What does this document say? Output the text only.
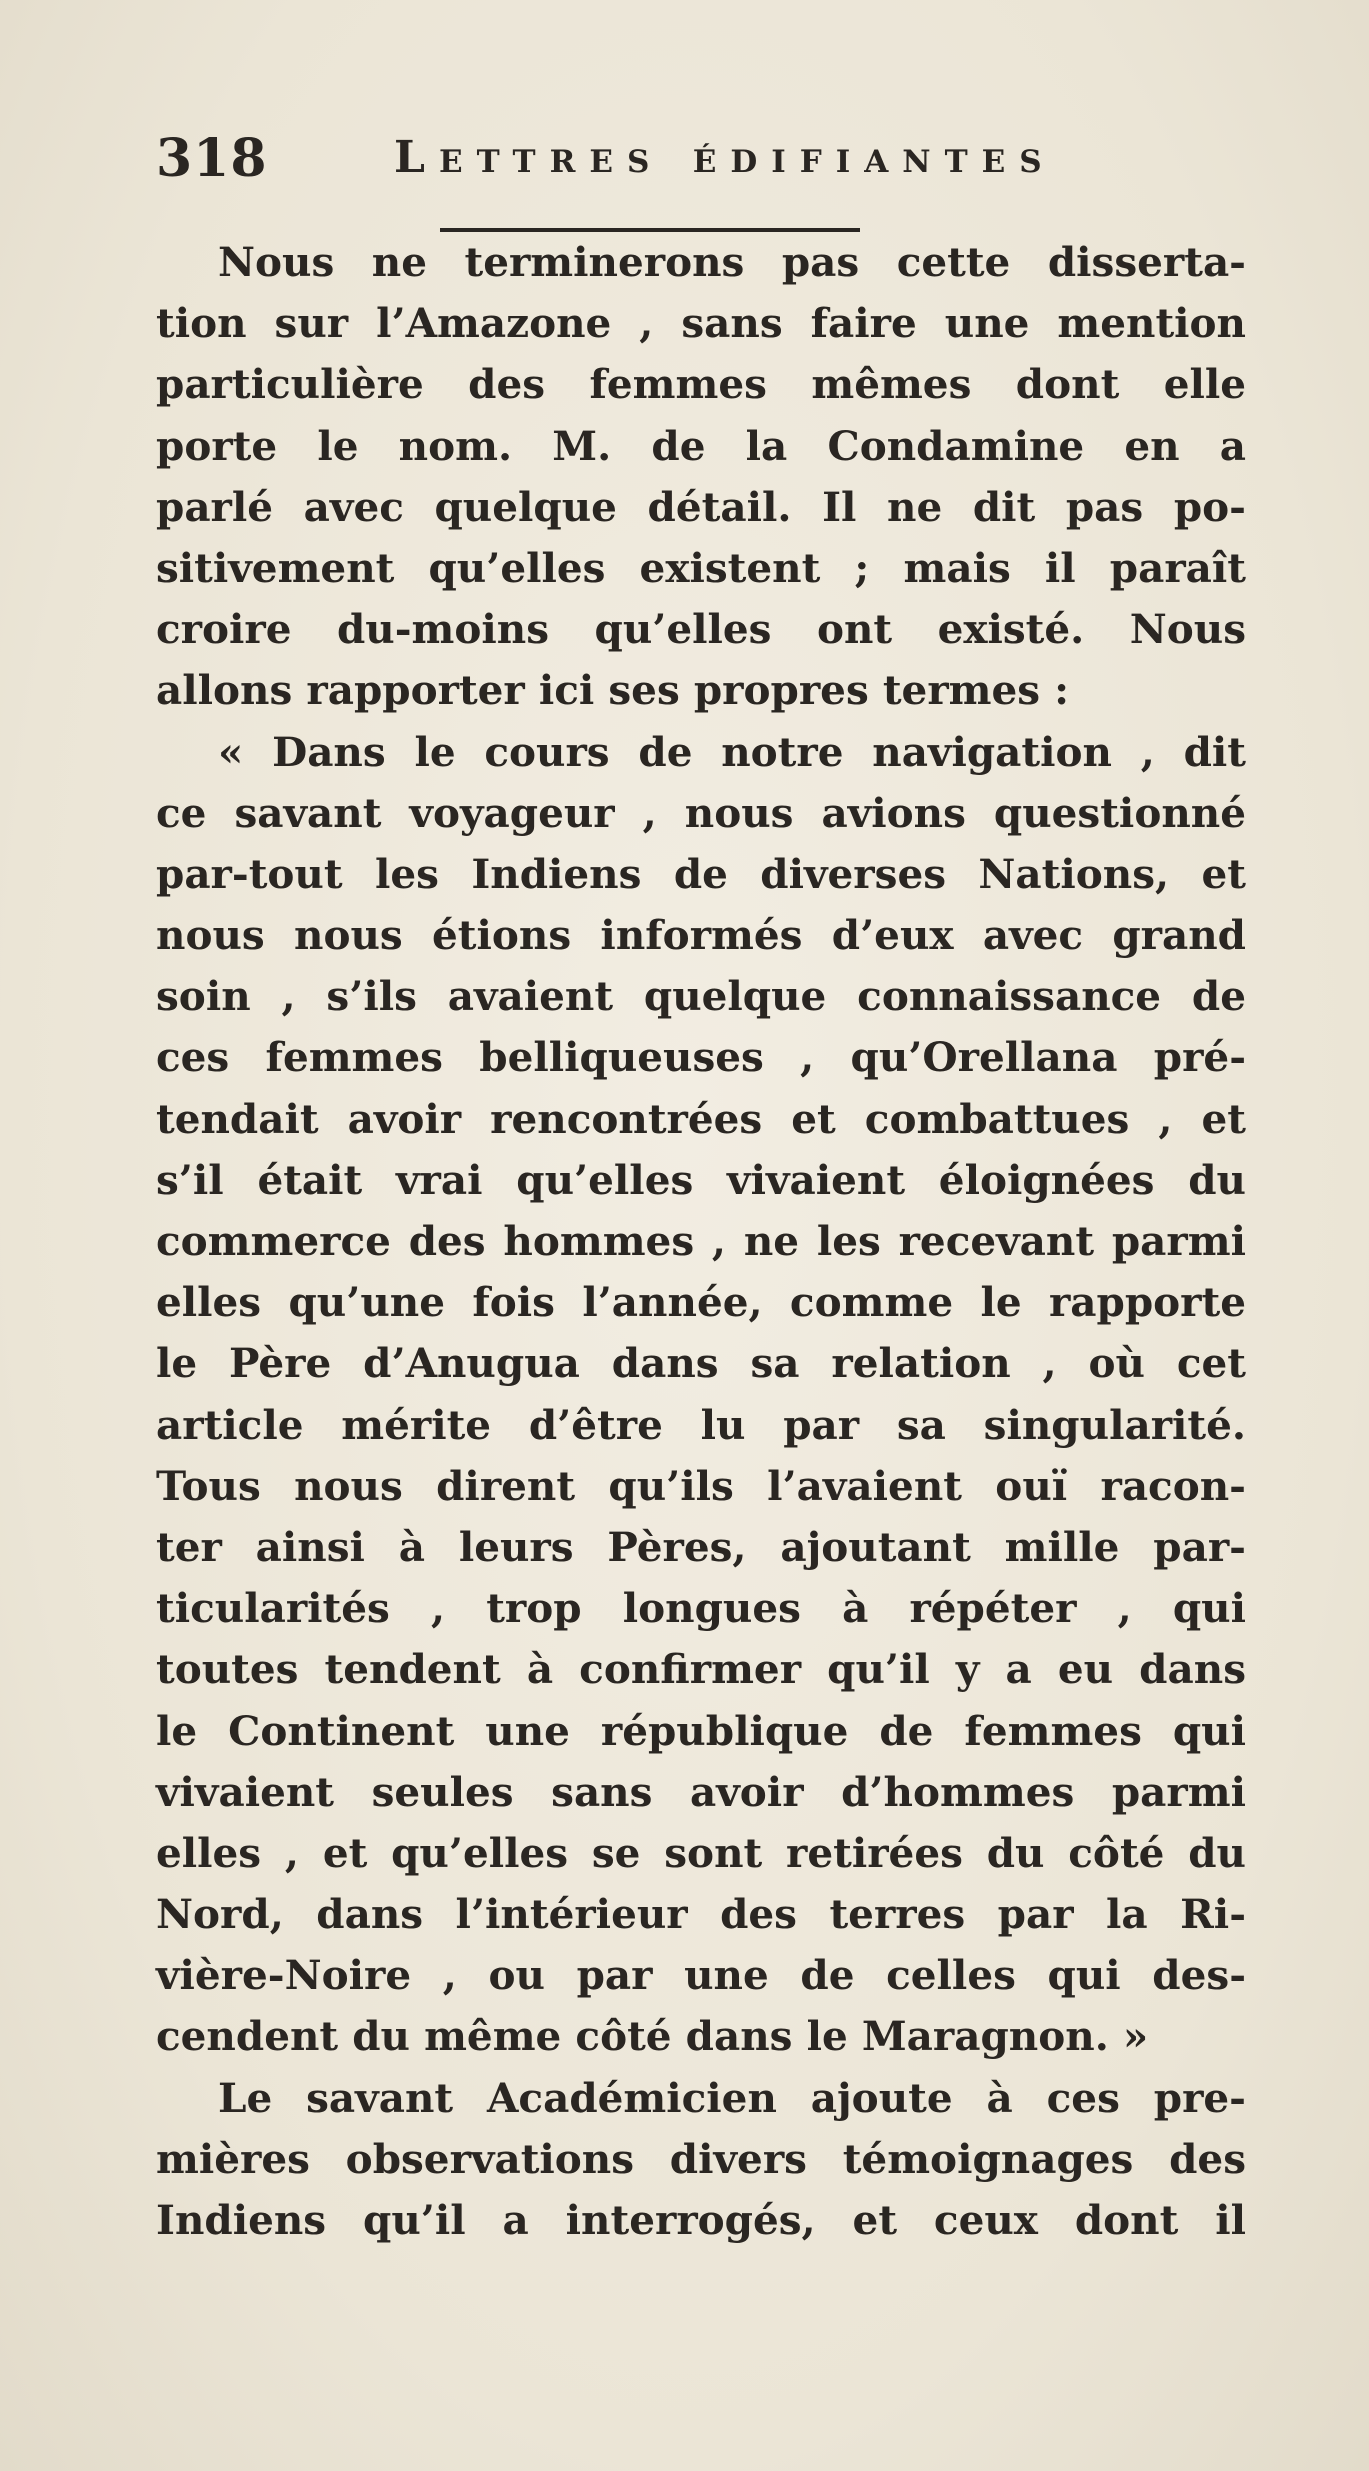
318	Lettres édifiantes
Nous ne terminerons pas cette disserta-
tion sur l’Amazone , sans faire une mention
particulière des femmes mêmes dont elle
porte le nom. M. de la Condamine en a
parlé avec quelque détail. Il ne dit pas po-
sitivement qu’elles existent ; mais il paraît
croire du-moins qu’elles ont existé. Nous
allons rapporter ici ses propres termes :
« Dans le cours de notre navigation , dit
ce savant voyageur , nous avions questionné
par-tout les Indiens de diverses Nations, et
nous nous étions informés d’eux avec grand
soin , s’ils avaient quelque connaissance de
ces femmes belliqueuses , qu’Orellana pré-
tendait avoir rencontrées et combattues , et
s’il était vrai qu’elles vivaient éloignées du
commerce des hommes , ne les recevant parmi
elles qu’une fois l’année, comme le rapporte
le Père d’Anugua dans sa relation , où cet
article mérite d’être lu par sa singularité.
Tous nous dirent qu’ils l’avaient ouï racon-
ter ainsi à leurs Pères, ajoutant mille par-
ticularités , trop longues à répéter , qui
toutes tendent à confirmer qu’il y a eu dans
le Continent une république de femmes qui
vivaient seules sans avoir d’hommes parmi
elles , et qu’elles se sont retirées du côté du
Nord, dans l’intérieur des terres par la Ri-
vière-Noire , ou par une de celles qui des-
cendent du même côté dans le Maragnon. »
Le savant Académicien ajoute à ces pre-
mières observations divers témoignages des
Indiens qu’il a interrogés, et ceux dont il
